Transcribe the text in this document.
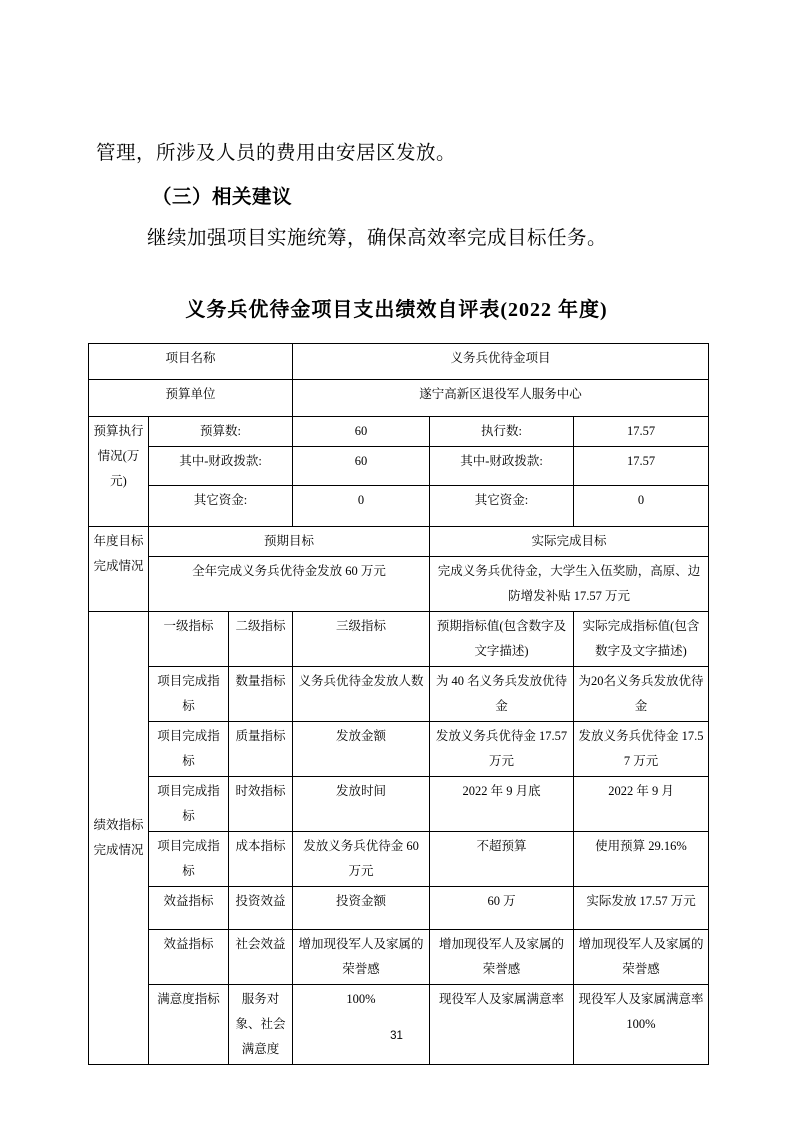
管理，所涉及人员的费用由安居区发放。
（三）相关建议
继续加强项目实施统筹，确保高效率完成目标任务。
义务兵优待金项目支出绩效自评表(2022 年度)
项目名称			义务兵优待金项目		
预算单位			遂宁高新区退役军人服务中心		
预算执行情况(万元)	预算数:		60	执行数:	17.57
	其中-财政拨款:		60	其中-财政拨款:	17.57
	其它资金:		0	其它资金:	0
年度目标完成情况	预期目标			实际完成目标	
	全年完成义务兵优待金发放 60 万元			完成义务兵优待金，大学生入伍奖励，高原、边防增发补贴 17.57 万元	
绩效指标完成情况	一级指标	二级指标	三级指标	预期指标值(包含数字及文字描述)	实际完成指标值(包含数字及文字描述)
	项目完成指标	数量指标	义务兵优待金发放人数	为 40 名义务兵发放优待金	为20名义务兵发放优待金
	项目完成指标	质量指标	发放金额	发放义务兵优待金 17.57 万元	发放义务兵优待金 17.57 万元
	项目完成指标	时效指标	发放时间	2022 年 9 月底	2022 年 9 月
	项目完成指标	成本指标	发放义务兵优待金 60 万元	不超预算	使用预算 29.16%
	效益指标	投资效益	投资金额	60 万	实际发放 17.57 万元
	效益指标	社会效益	增加现役军人及家属的荣誉感	增加现役军人及家属的荣誉感	增加现役军人及家属的荣誉感
	满意度指标	服务对象、社会满意度	100%	现役军人及家属满意率	现役军人及家属满意率 100%
31
